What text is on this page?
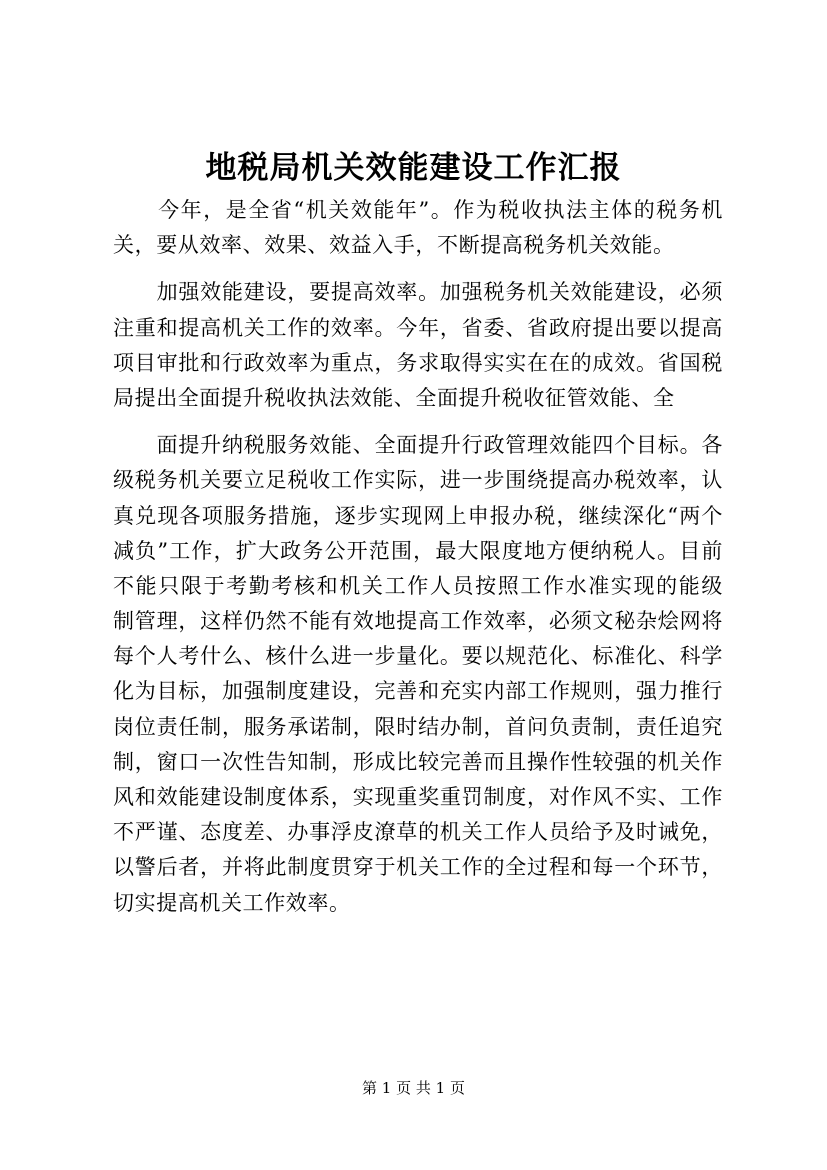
地税局机关效能建设工作汇报
　　今年，是全省“机关效能年”。作为税收执法主体的税务机
关，要从效率、效果、效益入手，不断提高税务机关效能。
　　加强效能建设，要提高效率。加强税务机关效能建设，必须
注重和提高机关工作的效率。今年，省委、省政府提出要以提高
项目审批和行政效率为重点，务求取得实实在在的成效。省国税
局提出全面提升税收执法效能、全面提升税收征管效能、全
　　面提升纳税服务效能、全面提升行政管理效能四个目标。各
级税务机关要立足税收工作实际，进一步围绕提高办税效率，认
真兑现各项服务措施，逐步实现网上申报办税，继续深化“两个
减负”工作，扩大政务公开范围，最大限度地方便纳税人。目前
不能只限于考勤考核和机关工作人员按照工作水准实现的能级
制管理，这样仍然不能有效地提高工作效率，必须文秘杂烩网将
每个人考什么、核什么进一步量化。要以规范化、标准化、科学
化为目标，加强制度建设，完善和充实内部工作规则，强力推行
岗位责任制，服务承诺制，限时结办制，首问负责制，责任追究
制，窗口一次性告知制，形成比较完善而且操作性较强的机关作
风和效能建设制度体系，实现重奖重罚制度，对作风不实、工作
不严谨、态度差、办事浮皮潦草的机关工作人员给予及时诫免，
以警后者，并将此制度贯穿于机关工作的全过程和每一个环节，
切实提高机关工作效率。
第 1 页 共 1 页
